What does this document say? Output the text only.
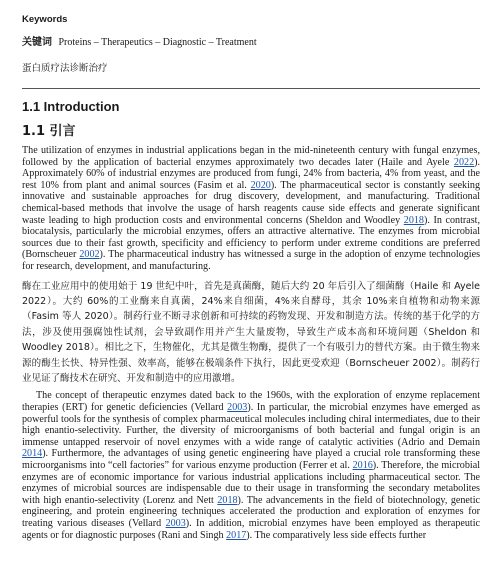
Keywords
关键词 Proteins – Therapeutics – Diagnostic – Treatment
蛋白质疗法诊断治疗
1.1 Introduction
1.1 引言

The utilization of enzymes in industrial applications began in the mid-nineteenth century with fungal enzymes, followed by the application of bacterial enzymes approximately two decades later (Haile and Ayele 2022). Approximately 60% of industrial enzymes are produced from fungi, 24% from bacteria, 4% from yeast, and the rest 10% from plant and animal sources (Fasim et al. 2020). The pharmaceutical sector is constantly seeking innovative and sustainable approaches for drug discovery, development, and manufacturing. Traditional chemical-based methods that involve the usage of harsh reagents cause side effects and generate significant waste leading to high production costs and environmental concerns (Sheldon and Woodley 2018). In contrast, biocatalysis, particularly the microbial enzymes, offers an attractive alternative. The enzymes from microbial sources due to their fast growth, specificity and efficiency to perform under extreme conditions are preferred (Bornscheuer 2002). The pharmaceutical industry has witnessed a surge in the adoption of enzyme technologies for research, development, and manufacturing.

酶在工业应用中的使用始于 19 世纪中叶，首先是真菌酶，随后大约 20 年后引入了细菌酶（Haile 和 Ayele 2022）。大约 60%的工业酶来自真菌，24%来自细菌，4%来自酵母，其余 10%来自植物和动物来源（Fasim 等人 2020）。制药行业不断寻求创新和可持续的药物发现、开发和制造方法。传统的基于化学的方法，涉及使用强腐蚀性试剂，会导致副作用并产生大量废物，导致生产成本高和环境问题（Sheldon 和 Woodley 2018）。相比之下，生物催化，尤其是微生物酶，提供了一个有吸引力的替代方案。由于微生物来源的酶生长快、特异性强、效率高，能够在极端条件下执行，因此更受欢迎（Bornscheuer 2002）。制药行业见证了酶技术在研究、开发和制造中的应用激增。

The concept of therapeutic enzymes dated back to the 1960s, with the exploration of enzyme replacement therapies (ERT) for genetic deficiencies (Vellard 2003). In particular, the microbial enzymes have emerged as powerful tools for the synthesis of complex pharmaceutical molecules including chiral intermediates, due to their high enantio-selectivity. Further, the diversity of microorganisms of both bacterial and fungal origin is an immense untapped reservoir of novel enzymes with a wide range of catalytic activities (Adrio and Demain 2014). Furthermore, the advantages of using genetic engineering have played a crucial role transforming these microorganisms into “cell factories” for various enzyme production (Ferrer et al. 2016). Therefore, the microbial enzymes are of economic importance for various industrial applications including pharmaceutical sector. The enzymes of microbial sources are indispensable due to their usage in transforming the secondary metabolites with high enantio-selectivity (Lorenz and Nett 2018). The advancements in the field of biotechnology, genetic engineering, and protein engineering techniques accelerated the production and exploration of enzymes for treating various diseases (Vellard 2003). In addition, microbial enzymes have been employed as therapeutic agents or for diagnostic purposes (Rani and Singh 2017). The comparatively less side effects further
